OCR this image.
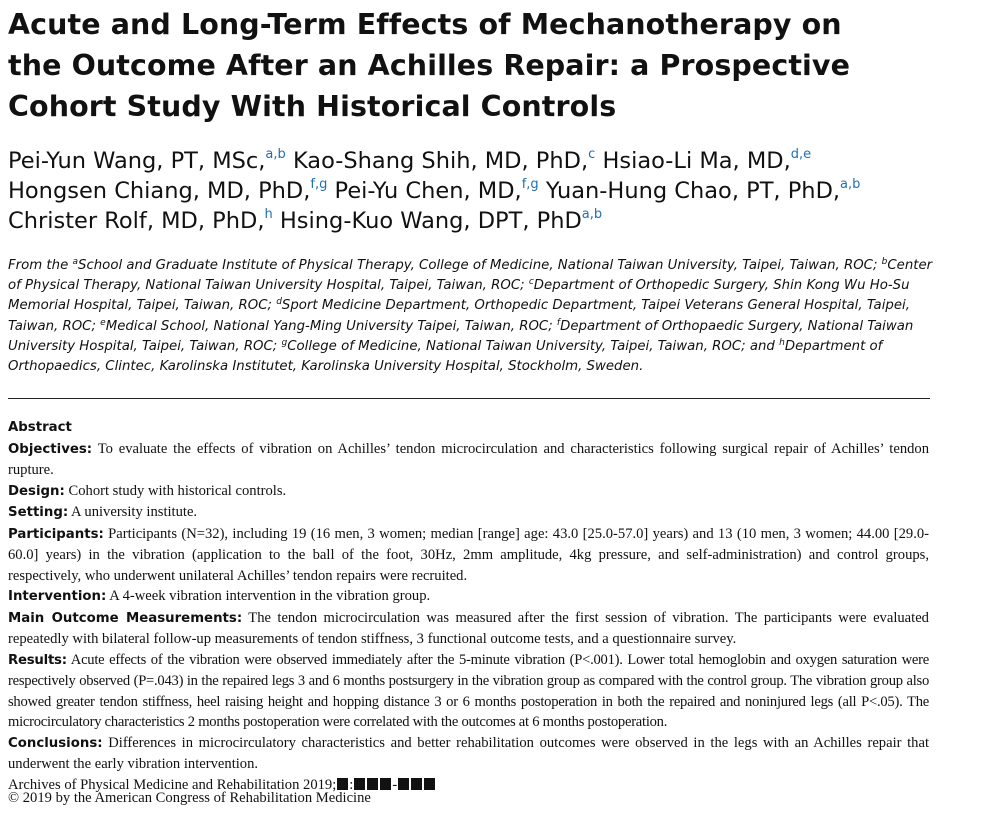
Acute and Long-Term Effects of Mechanotherapy on
the Outcome After an Achilles Repair: a Prospective
Cohort Study With Historical Controls
Pei-Yun Wang, PT, MSc,$^{a,b}$ Kao-Shang Shih, MD, PhD,$^c$ Hsiao-Li Ma, MD,$^{d,e}$
Hongsen Chiang, MD, PhD,$^{f,g}$ Pei-Yu Chen, MD,$^{f,g}$ Yuan-Hung Chao, PT, PhD,$^{a,b}$
Christer Rolf, MD, PhD,$^h$ Hsing-Kuo Wang, DPT, PhD$^{a,b}$
From the $^a$School and Graduate Institute of Physical Therapy, College of Medicine, National Taiwan University, Taipei, Taiwan, ROC; $^b$Center of Physical Therapy, National Taiwan University Hospital, Taipei, Taiwan, ROC; $^c$Department of Orthopedic Surgery, Shin Kong Wu Ho-Su Memorial Hospital, Taipei, Taiwan, ROC; $^d$Sport Medicine Department, Orthopedic Department, Taipei Veterans General Hospital, Taipei, Taiwan, ROC; $^e$Medical School, National Yang-Ming University Taipei, Taiwan, ROC; $^f$Department of Orthopaedic Surgery, National Taiwan University Hospital, Taipei, Taiwan, ROC; $^g$College of Medicine, National Taiwan University, Taipei, Taiwan, ROC; and $^h$Department of Orthopaedics, Clintec, Karolinska Institutet, Karolinska University Hospital, Stockholm, Sweden.
Abstract

Objectives: To evaluate the effects of vibration on Achilles’ tendon microcirculation and characteristics following surgical repair of Achilles’ tendon rupture.

Design: Cohort study with historical controls.

Setting: A university institute.

Participants: Participants (N=32), including 19 (16 men, 3 women; median [range] age: 43.0 [25.0-57.0] years) and 13 (10 men, 3 women; 44.00 [29.0-60.0] years) in the vibration (application to the ball of the foot, 30Hz, 2mm amplitude, 4kg pressure, and self-administration) and control groups, respectively, who underwent unilateral Achilles’ tendon repairs were recruited.

Intervention: A 4-week vibration intervention in the vibration group.

Main Outcome Measurements: The tendon microcirculation was measured after the first session of vibration. The participants were evaluated repeatedly with bilateral follow-up measurements of tendon stiffness, 3 functional outcome tests, and a questionnaire survey.

Results: Acute effects of the vibration were observed immediately after the 5-minute vibration (P<.001). Lower total hemoglobin and oxygen saturation were respectively observed (P=.043) in the repaired legs 3 and 6 months postsurgery in the vibration group as compared with the control group. The vibration group also showed greater tendon stiffness, heel raising height and hopping distance 3 or 6 months postoperation in both the repaired and noninjured legs (all P<.05). The microcirculatory characteristics 2 months postoperation were correlated with the outcomes at 6 months postoperation.

Conclusions: Differences in microcirculatory characteristics and better rehabilitation outcomes were observed in the legs with an Achilles repair that underwent the early vibration intervention.

Archives of Physical Medicine and Rehabilitation 2019; :	-

© 2019 by the American Congress of Rehabilitation Medicine
